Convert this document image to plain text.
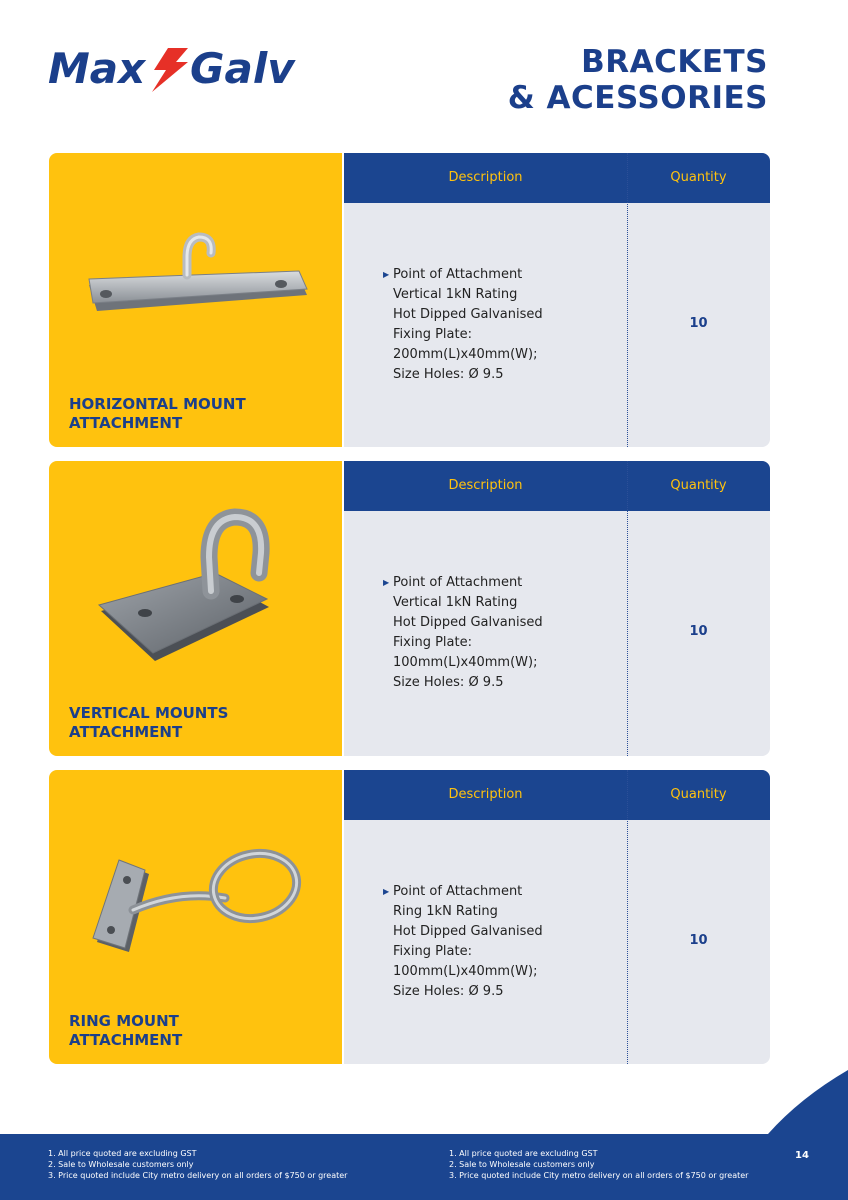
Max Galv	BRACKETS
& ACESSORIES
HORIZONTAL MOUNT
ATTACHMENT
Description	Quantity
▶ Point of Attachment
Vertical 1kN Rating
Hot Dipped Galvanised
Fixing Plate:
200mm(L)x40mm(W);
Size Holes: Ø 9.5
10
VERTICAL MOUNTS
ATTACHMENT
Description	Quantity
▶ Point of Attachment
Vertical 1kN Rating
Hot Dipped Galvanised
Fixing Plate:
100mm(L)x40mm(W);
Size Holes: Ø 9.5
10
RING MOUNT
ATTACHMENT
Description	Quantity
▶ Point of Attachment
Ring 1kN Rating
Hot Dipped Galvanised
Fixing Plate:
100mm(L)x40mm(W);
Size Holes: Ø 9.5
10
1. All price quoted are excluding GST
2. Sale to Wholesale customers only
3. Price quoted include City metro delivery on all orders of $750 or greater
1. All price quoted are excluding GST
2. Sale to Wholesale customers only
3. Price quoted include City metro delivery on all orders of $750 or greater
14
